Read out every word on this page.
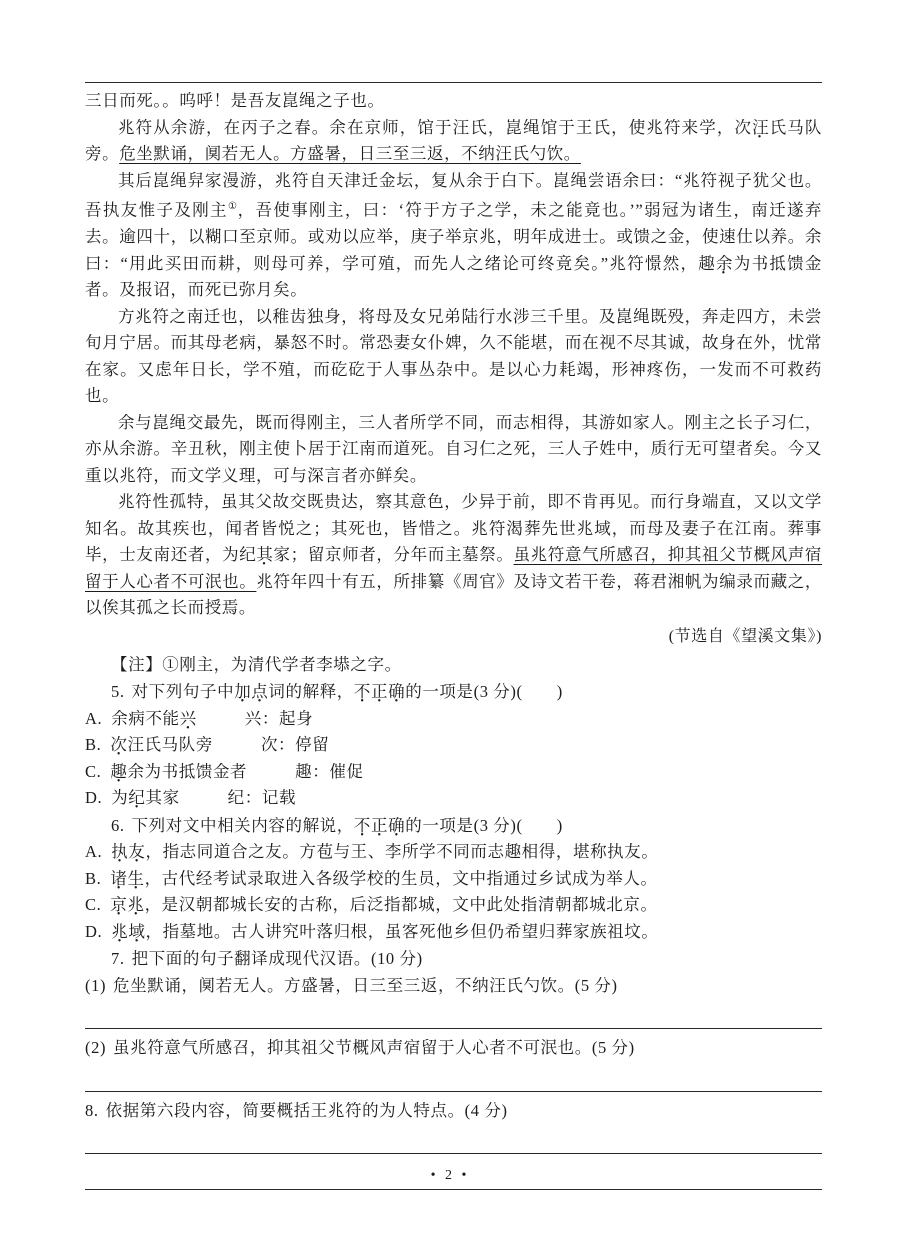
三日而死。。呜呼！是吾友崑绳之子也。

兆符从余游，在丙子之春。余在京师，馆于汪氏，崑绳馆于王氏，使兆符来学，次汪氏马队旁。危坐默诵，阒若无人。方盛暑，日三至三返，不纳汪氏勺饮。

其后崑绳舁家漫游，兆符自天津迁金坛，复从余于白下。崑绳尝语余曰：“兆符视子犹父也。吾执友惟子及刚主①，吾使事刚主，曰：‘符于方子之学，未之能竟也。’”弱冠为诸生，南迁遂弃去。逾四十，以糊口至京师。或劝以应举，庚子举京兆，明年成进士。或馈之金，使速仕以养。余曰：“用此买田而耕，则母可养，学可殖，而先人之绪论可终竟矣。”兆符憬然，趣余为书抵馈金者。及报诏，而死已弥月矣。

方兆符之南迁也，以稚齿独身，将母及女兄弟陆行水涉三千里。及崑绳既殁，奔走四方，未尝旬月宁居。而其母老病，暴怒不时。常恐妻女仆婢，久不能堪，而在视不尽其诚，故身在外，忧常在家。又虑年日长，学不殖，而矻矻于人事丛杂中。是以心力耗竭，形神疼伤，一发而不可救药也。

余与崑绳交最先，既而得刚主，三人者所学不同，而志相得，其游如家人。刚主之长子习仁，亦从余游。辛丑秋，刚主使卜居于江南而道死。自习仁之死，三人子姓中，质行无可望者矣。今又重以兆符，而文学义理，可与深言者亦鲜矣。

兆符性孤特，虽其父故交既贵达，察其意色，少异于前，即不肯再见。而行身端直，又以文学知名。故其疾也，闻者皆悦之；其死也，皆惜之。兆符渴葬先世兆域，而母及妻子在江南。葬事毕，士友南还者，为纪其家；留京师者，分年而主墓祭。虽兆符意气所感召，抑其祖父节概风声宿留于人心者不可泯也。兆符年四十有五，所排纂《周官》及诗文若干卷，蒋君湘帆为编录而藏之，以俟其孤之长而授焉。

(节选自《望溪文集》)

【注】①刚主，为清代学者李塨之字。

5. 对下列句子中加点词的解释，不正确的一项是(3 分)(　　)

A. 余病不能兴	兴：起身

B. 次汪氏马队旁	次：停留

C. 趣余为书抵馈金者	趣：催促

D. 为纪其家	纪：记载

6. 下列对文中相关内容的解说，不正确的一项是(3 分)(　　)

A. 执友，指志同道合之友。方苞与王、李所学不同而志趣相得，堪称执友。

B. 诸生，古代经考试录取进入各级学校的生员，文中指通过乡试成为举人。

C. 京兆，是汉朝都城长安的古称，后泛指都城，文中此处指清朝都城北京。

D. 兆域，指墓地。古人讲究叶落归根，虽客死他乡但仍希望归葬家族祖坟。

7. 把下面的句子翻译成现代汉语。(10 分)

(1) 危坐默诵，阒若无人。方盛暑，日三至三返，不纳汪氏勺饮。(5 分)

(2) 虽兆符意气所感召，抑其祖父节概风声宿留于人心者不可泯也。(5 分)

8. 依据第六段内容，简要概括王兆符的为人特点。(4 分)

• 2 •
